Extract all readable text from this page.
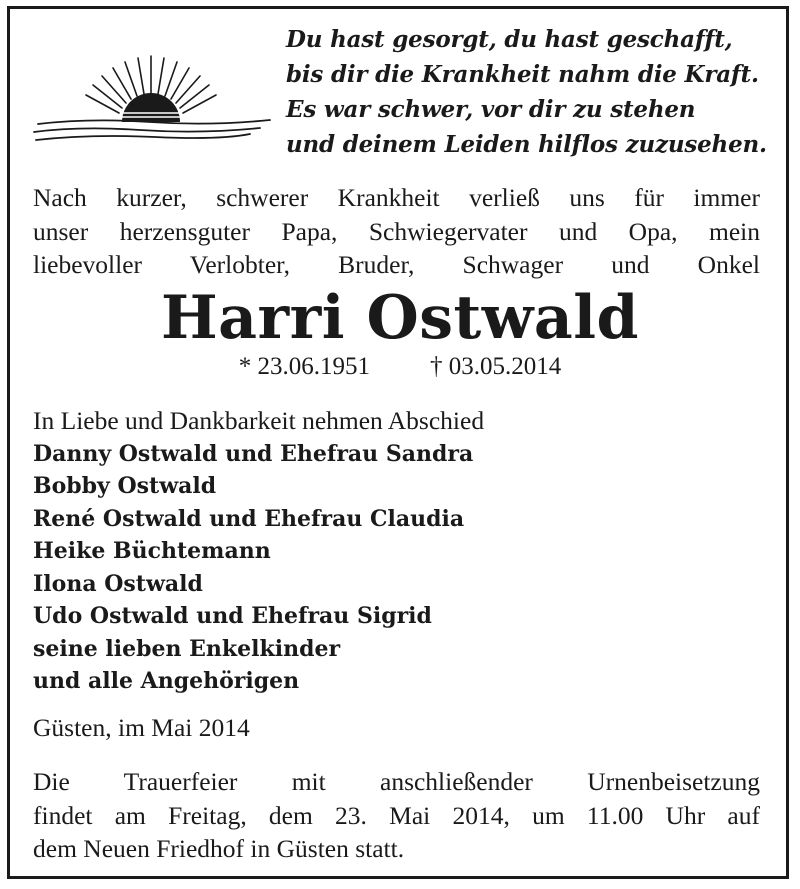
Du hast gesorgt, du hast geschafft,
bis dir die Krankheit nahm die Kraft.
Es war schwer, vor dir zu stehen
und deinem Leiden hilflos zuzusehen.
Nach kurzer, schwerer Krankheit verließ uns für immer
unser herzensguter Papa, Schwiegervater und Opa, mein
liebevoller Verlobter, Bruder, Schwager und Onkel
Harri Ostwald
* 23.06.1951 † 03.05.2014
In Liebe und Dankbarkeit nehmen Abschied
Danny Ostwald und Ehefrau Sandra
Bobby Ostwald
René Ostwald und Ehefrau Claudia
Heike Büchtemann
Ilona Ostwald
Udo Ostwald und Ehefrau Sigrid
seine lieben Enkelkinder
und alle Angehörigen
Güsten, im Mai 2014
Die Trauerfeier mit anschließender Urnenbeisetzung
findet am Freitag, dem 23. Mai 2014, um 11.00 Uhr auf
dem Neuen Friedhof in Güsten statt.
